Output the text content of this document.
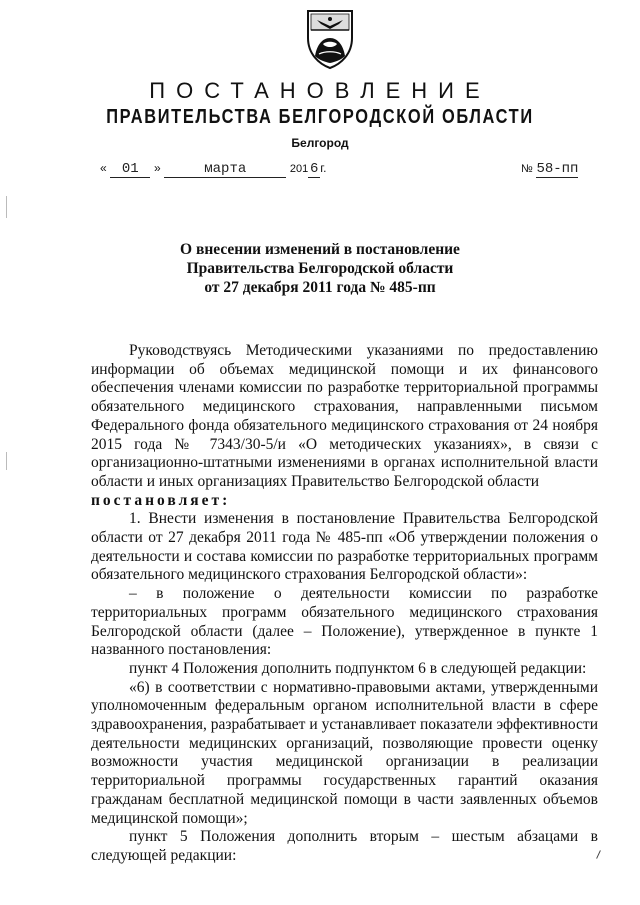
ПОСТАНОВЛЕНИЕ
ПРАВИТЕЛЬСТВА БЕЛГОРОДСКОЙ ОБЛАСТИ
Белгород
« 01 »	марта	201 6 г.	№ 58-пп
О внесении изменений в постановление
Правительства Белгородской области
от 27 декабря 2011 года № 485-пп

Руководствуясь Методическими указаниями по предоставлению информации об объемах медицинской помощи и их финансового обеспечения членами комиссии по разработке территориальной программы обязательного медицинского страхования, направленными письмом Федерального фонда обязательного медицинского страхования от 24 ноября 2015 года № 7343/30-5/и «О методических указаниях», в связи с организационно-штатными изменениями в органах исполнительной власти области и иных организациях Правительство Белгородской области

постановляет:

1. Внести изменения в постановление Правительства Белгородской области от 27 декабря 2011 года № 485-пп «Об утверждении положения о деятельности и состава комиссии по разработке территориальных программ обязательного медицинского страхования Белгородской области»:

– в положение о деятельности комиссии по разработке территориальных программ обязательного медицинского страхования Белгородской области (далее – Положение), утвержденное в пункте 1 названного постановления:

пункт 4 Положения дополнить подпунктом 6 в следующей редакции:

«6) в соответствии с нормативно-правовыми актами, утвержденными уполномоченным федеральным органом исполнительной власти в сфере здравоохранения, разрабатывает и устанавливает показатели эффективности деятельности медицинских организаций, позволяющие провести оценку возможности участия медицинской организации в реализации территориальной программы государственных гарантий оказания гражданам бесплатной медицинской помощи в части заявленных объемов медицинской помощи»;

пункт 5 Положения дополнить вторым – шестым абзацами в следующей редакции:
